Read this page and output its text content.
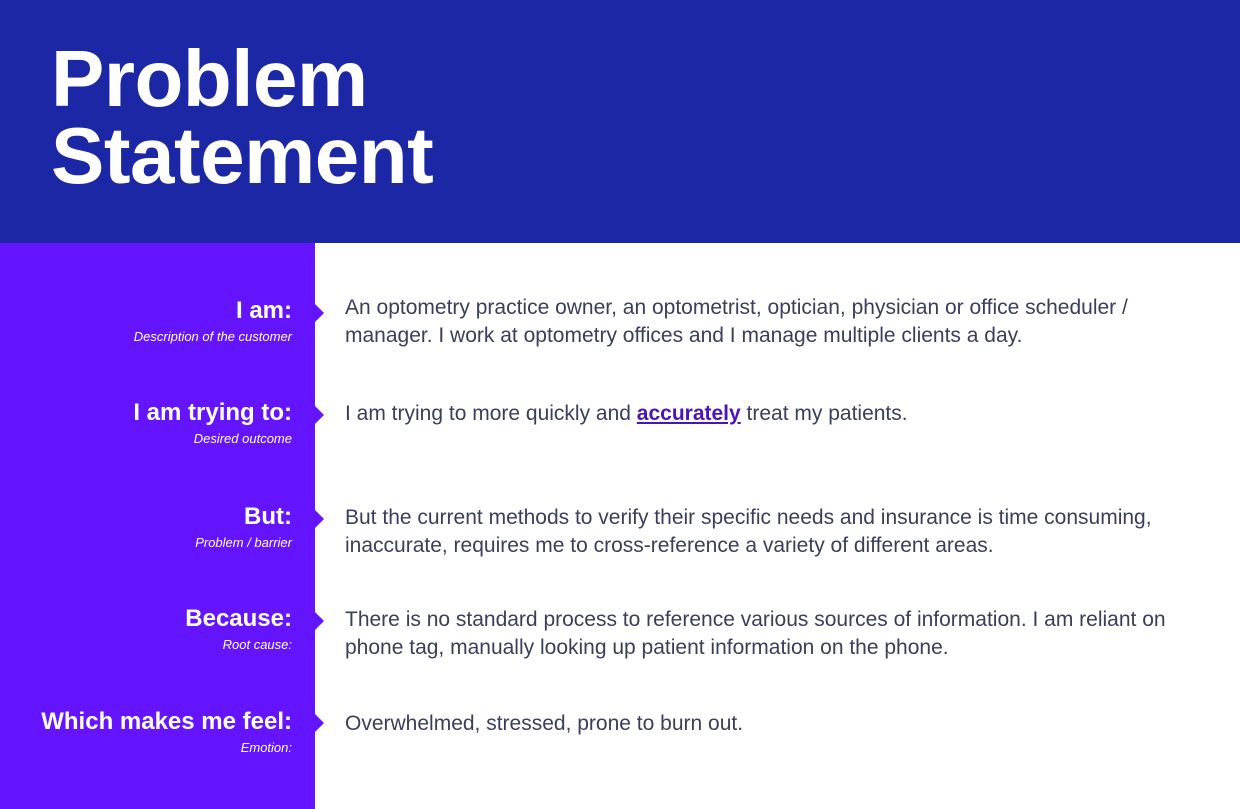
Problem
Statement
I am:
Description of the customer
An optometry practice owner, an optometrist, optician, physician or office scheduler / manager. I work at optometry offices and I manage multiple clients a day.
I am trying to:
Desired outcome
I am trying to more quickly and accurately treat my patients.
But:
Problem / barrier
But the current methods to verify their specific needs and insurance is time consuming, inaccurate, requires me to cross-reference a variety of different areas.
Because:
Root cause:
There is no standard process to reference various sources of information. I am reliant on phone tag, manually looking up patient information on the phone.
Which makes me feel:
Emotion:
Overwhelmed, stressed, prone to burn out.
